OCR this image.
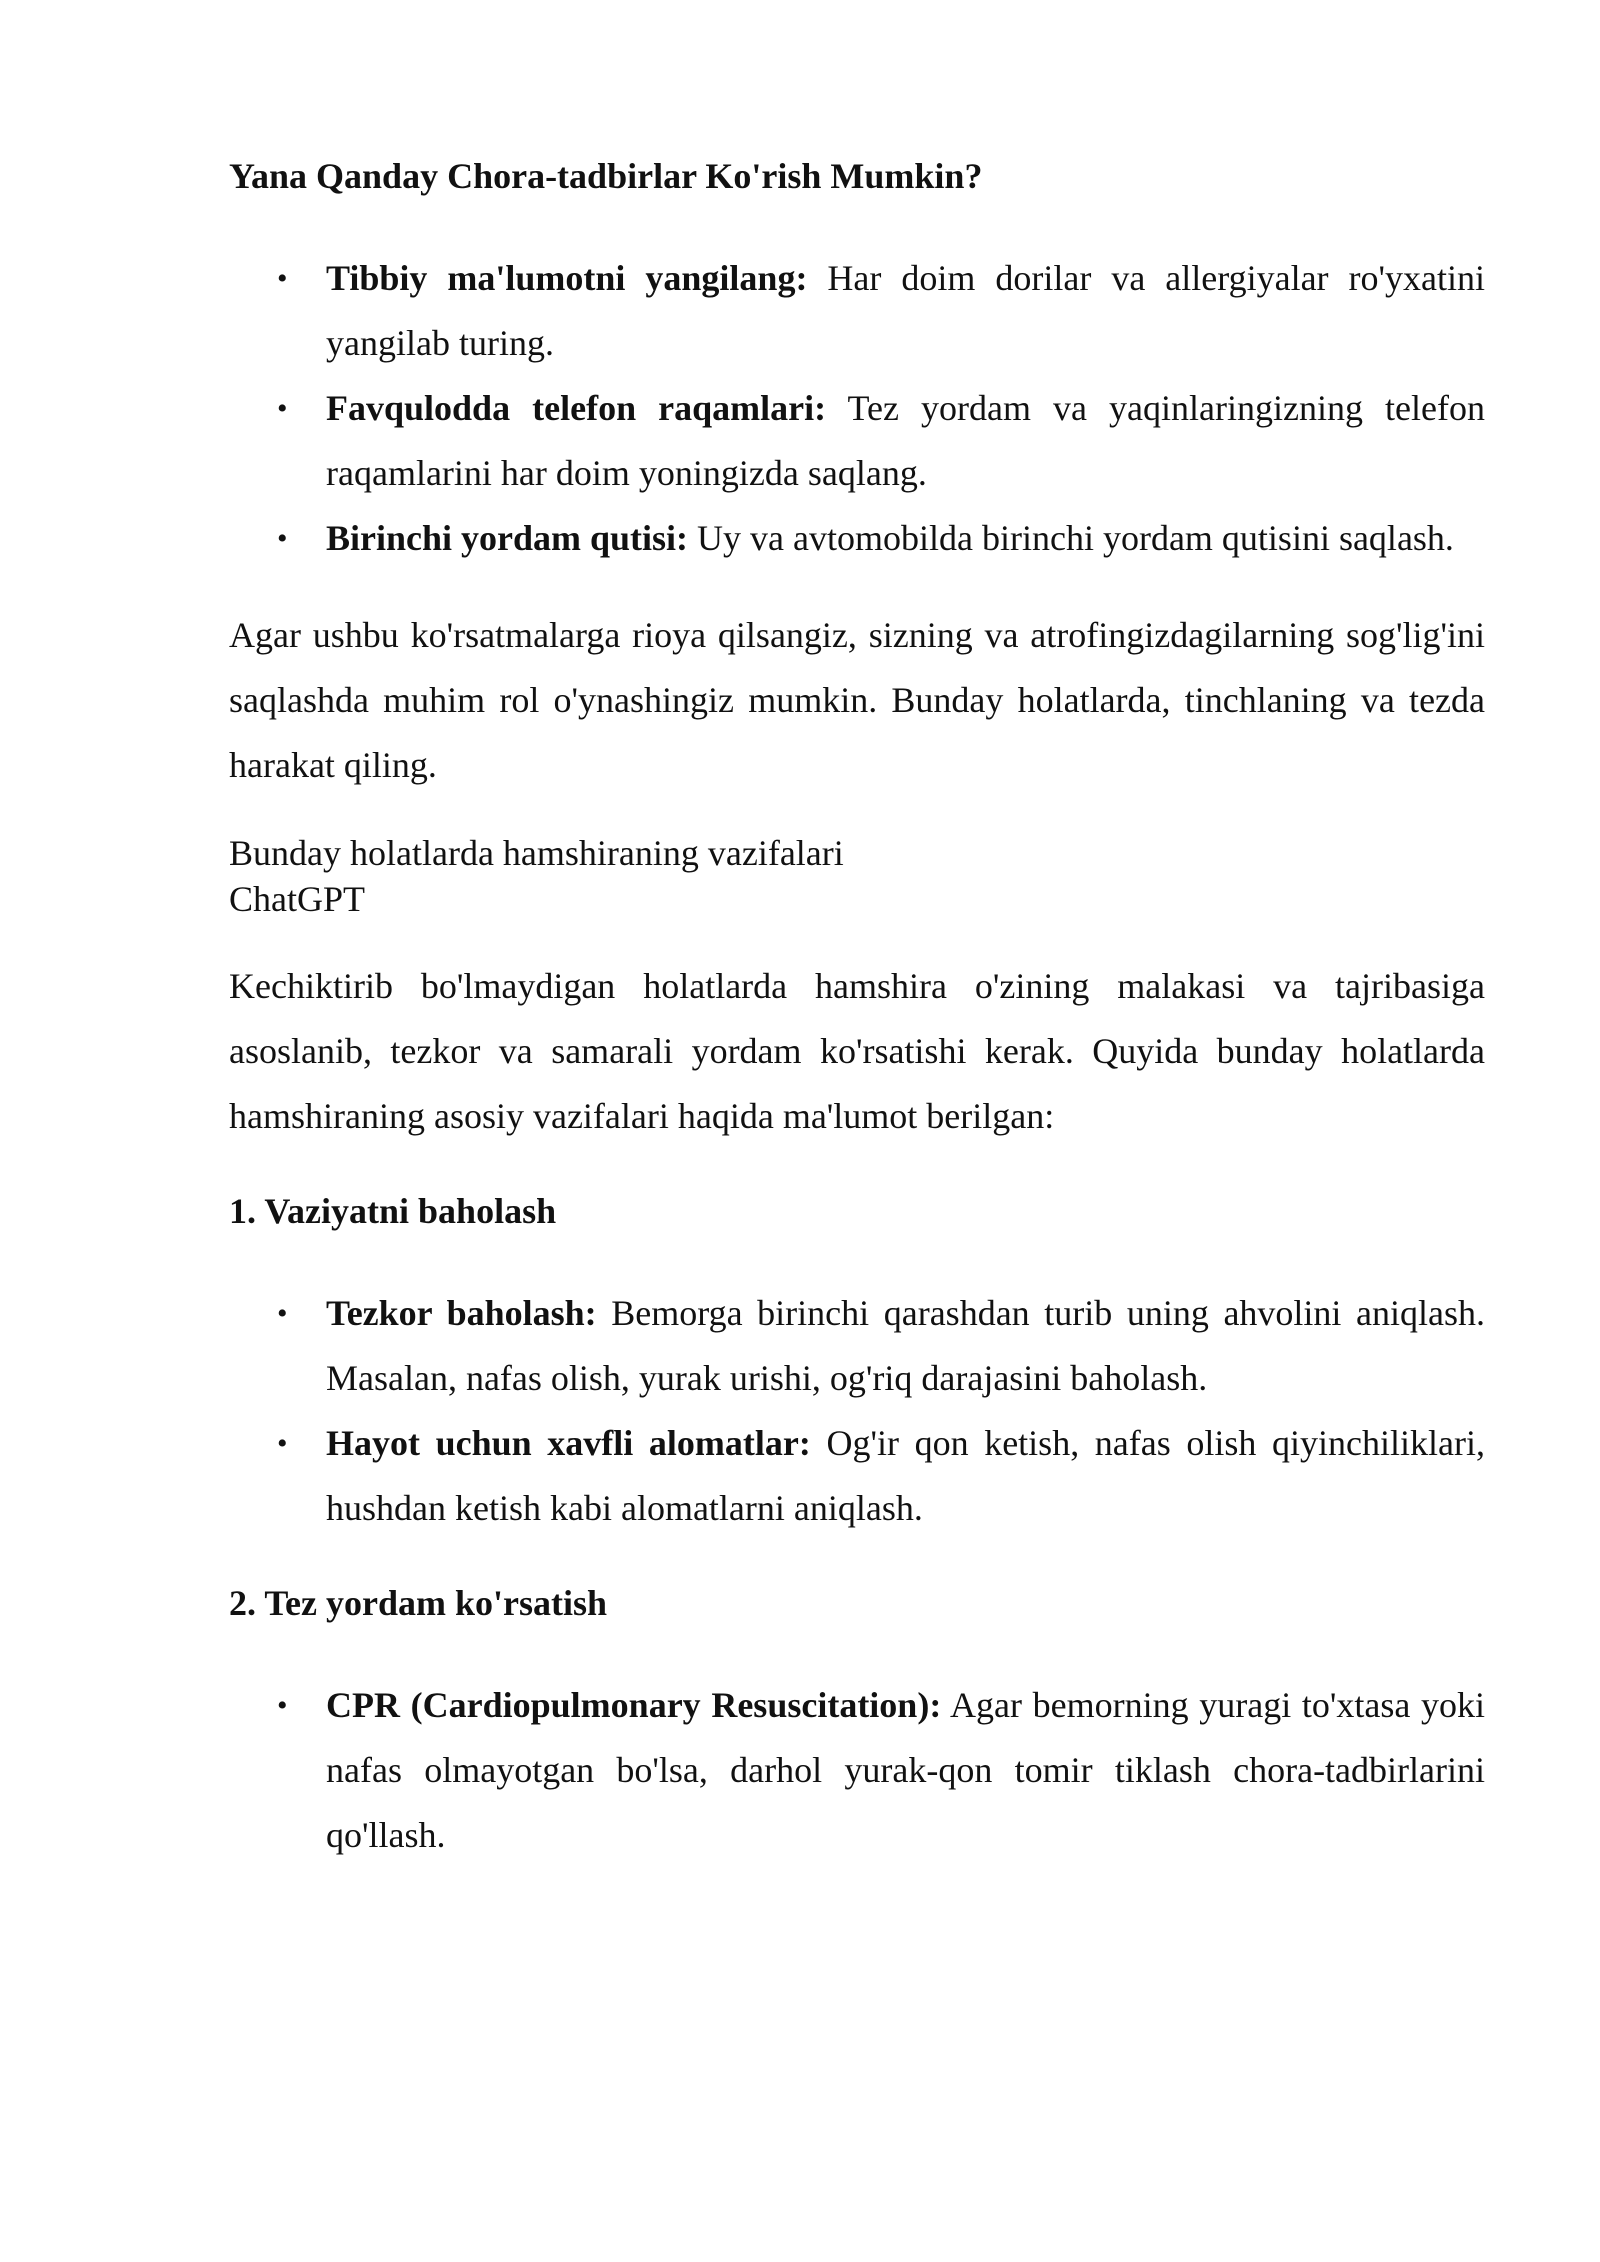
Yana Qanday Chora-tadbirlar Ko'rish Mumkin?

• Tibbiy ma'lumotni yangilang: Har doim dorilar va allergiyalar ro'yxatini yangilab turing.
• Favqulodda telefon raqamlari: Tez yordam va yaqinlaringizning telefon raqamlarini har doim yoningizda saqlang.
• Birinchi yordam qutisi: Uy va avtomobilda birinchi yordam qutisini saqlash.

Agar ushbu ko'rsatmalarga rioya qilsangiz, sizning va atrofingizdagilarning sog'lig'ini saqlashda muhim rol o'ynashingiz mumkin. Bunday holatlarda, tinchlaning va tezda harakat qiling.

Bunday holatlarda hamshiraning vazifalari

ChatGPT

Kechiktirib bo'lmaydigan holatlarda hamshira o'zining malakasi va tajribasiga asoslanib, tezkor va samarali yordam ko'rsatishi kerak. Quyida bunday holatlarda hamshiraning asosiy vazifalari haqida ma'lumot berilgan:

1. Vaziyatni baholash

• Tezkor baholash: Bemorga birinchi qarashdan turib uning ahvolini aniqlash. Masalan, nafas olish, yurak urishi, og'riq darajasini baholash.
• Hayot uchun xavfli alomatlar: Og'ir qon ketish, nafas olish qiyinchiliklari, hushdan ketish kabi alomatlarni aniqlash.

2. Tez yordam ko'rsatish

• CPR (Cardiopulmonary Resuscitation): Agar bemorning yuragi to'xtasa yoki nafas olmayotgan bo'lsa, darhol yurak-qon tomir tiklash chora-tadbirlarini qo'llash.
